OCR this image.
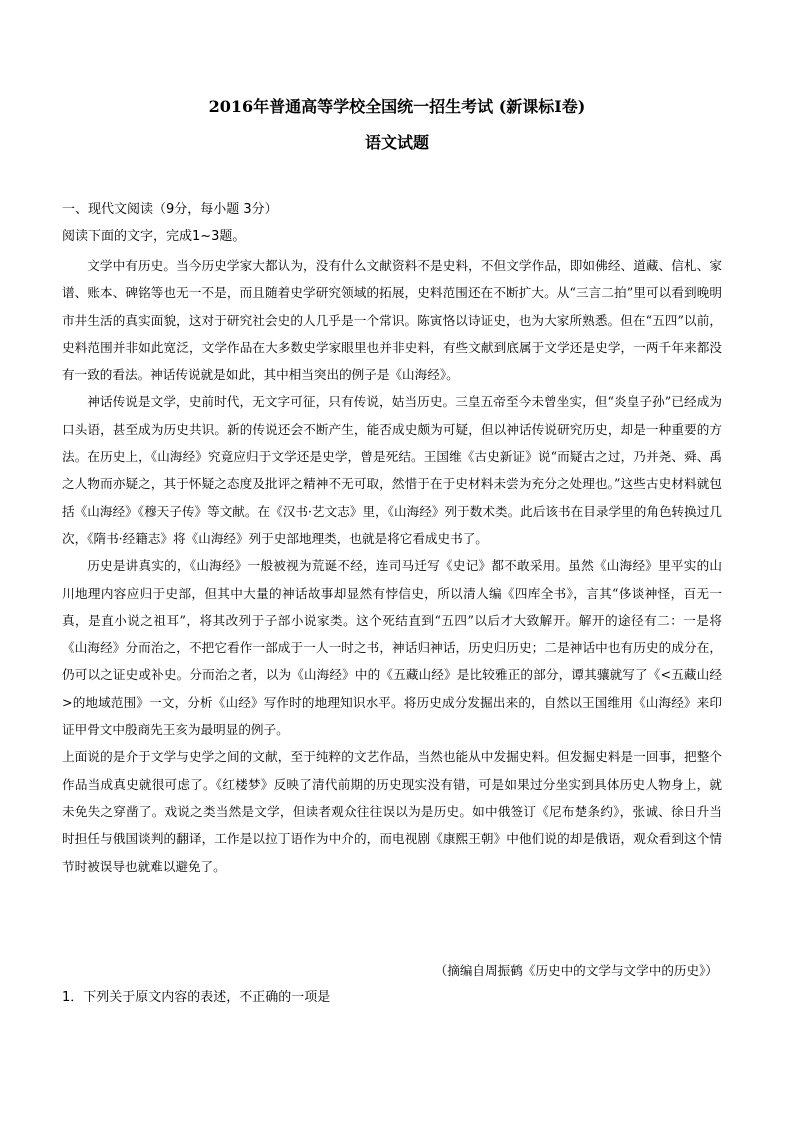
2016年普通高等学校全国统一招生考试 (新课标Ⅰ卷)
语文试题
一、现代文阅读（9分，每小题 3分）
阅读下面的文字，完成1~3题。

文学中有历史。当今历史学家大都认为，没有什么文献资料不是史料，不但文学作品，即如佛经、道藏、信札、家谱、账本、碑铭等也无一不是，而且随着史学研究领域的拓展，史料范围还在不断扩大。从“三言二拍”里可以看到晚明市井生活的真实面貌，这对于研究社会史的人几乎是一个常识。陈寅恪以诗证史，也为大家所熟悉。但在“五四”以前，史料范围并非如此宽泛，文学作品在大多数史学家眼里也并非史料，有些文献到底属于文学还是史学，一两千年来都没有一致的看法。神话传说就是如此，其中相当突出的例子是《山海经》。

神话传说是文学，史前时代，无文字可征，只有传说，姑当历史。三皇五帝至今未曾坐实，但“炎皇子孙”已经成为口头语，甚至成为历史共识。新的传说还会不断产生，能否成史颇为可疑，但以神话传说研究历史，却是一种重要的方法。在历史上，《山海经》究竟应归于文学还是史学，曾是死结。王国维《古史新证》说“而疑古之过，乃并尧、舜、禹之人物而亦疑之，其于怀疑之态度及批评之精神不无可取，然惜于在于史材料未尝为充分之处理也。”这些古史材料就包括《山海经》《穆天子传》等文献。在《汉书·艺文志》里，《山海经》列于数术类。此后该书在目录学里的角色转换过几次，《隋书·经籍志》将《山海经》列于史部地理类，也就是将它看成史书了。

历史是讲真实的，《山海经》一般被视为荒诞不经，连司马迁写《史记》都不敢采用。虽然《山海经》里平实的山川地理内容应归于史部，但其中大量的神话故事却显然有悖信史，所以清人编《四库全书》，言其“侈谈神怪，百无一真，是直小说之祖耳”，将其改列于子部小说家类。这个死结直到“五四”以后才大致解开。解开的途径有二：一是将《山海经》分而治之，不把它看作一部成于一人一时之书，神话归神话，历史归历史；二是神话中也有历史的成分在，仍可以之证史或补史。分而治之者，以为《山海经》中的《五藏山经》是比较雅正的部分，谭其骧就写了《<五藏山经>的地域范围》一文，分析《山经》写作时的地理知识水平。将历史成分发掘出来的，自然以王国维用《山海经》来印证甲骨文中殷商先王亥为最明显的例子。

上面说的是介于文学与史学之间的文献，至于纯粹的文艺作品，当然也能从中发掘史料。但发掘史料是一回事，把整个作品当成真史就很可虑了。《红楼梦》反映了清代前期的历史现实没有错，可是如果过分坐实到具体历史人物身上，就未免失之穿凿了。戏说之类当然是文学，但读者观众往往误以为是历史。如中俄签订《尼布楚条约》，张诚、徐日升当时担任与俄国谈判的翻译，工作是以拉丁语作为中介的，而电视剧《康熙王朝》中他们说的却是俄语，观众看到这个情节时被误导也就难以避免了。

（摘编自周振鹤《历史中的文学与文学中的历史》）
1．下列关于原文内容的表述，不正确的一项是
